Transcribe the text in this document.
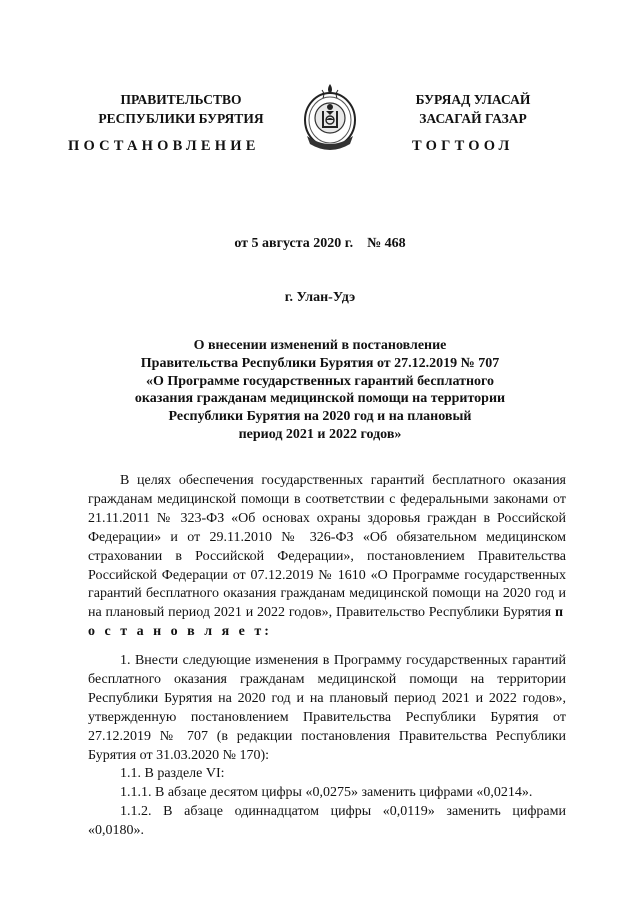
ПРАВИТЕЛЬСТВО
РЕСПУБЛИКИ БУРЯТИЯ
БУРЯАД УЛАСАЙ
ЗАСАГАЙ ГАЗАР
ПОСТАНОВЛЕНИЕ	ТОГТООЛ
от 5 августа 2020 г.    № 468
г. Улан-Удэ
О внесении изменений в постановление
Правительства Республики Бурятия от 27.12.2019 № 707
«О Программе государственных гарантий бесплатного
оказания гражданам медицинской помощи на территории
Республики Бурятия на 2020 год и на плановый
период 2021 и 2022 годов»
В целях обеспечения государственных гарантий бесплатного оказания гражданам медицинской помощи в соответствии с федеральными законами от 21.11.2011 № 323-ФЗ «Об основах охраны здоровья граждан в Российской Федерации» и от 29.11.2010 № 326-ФЗ «Об обязательном медицинском страховании в Российской Федерации», постановлением Правительства Российской Федерации от 07.12.2019 № 1610 «О Программе государственных гарантий бесплатного оказания гражданам медицинской помощи на 2020 год и на плановый период 2021 и 2022 годов», Правительство Республики Бурятия п о с т а н о в л я е т:
1. Внести следующие изменения в Программу государственных гарантий бесплатного оказания гражданам медицинской помощи на территории Республики Бурятия на 2020 год и на плановый период 2021 и 2022 годов», утвержденную постановлением Правительства Республики Бурятия от 27.12.2019 № 707 (в редакции постановления Правительства Республики Бурятия от 31.03.2020 № 170):
1.1. В разделе VI:
1.1.1. В абзаце десятом цифры «0,0275» заменить цифрами «0,0214».
1.1.2. В абзаце одиннадцатом цифры «0,0119» заменить цифрами «0,0180».
